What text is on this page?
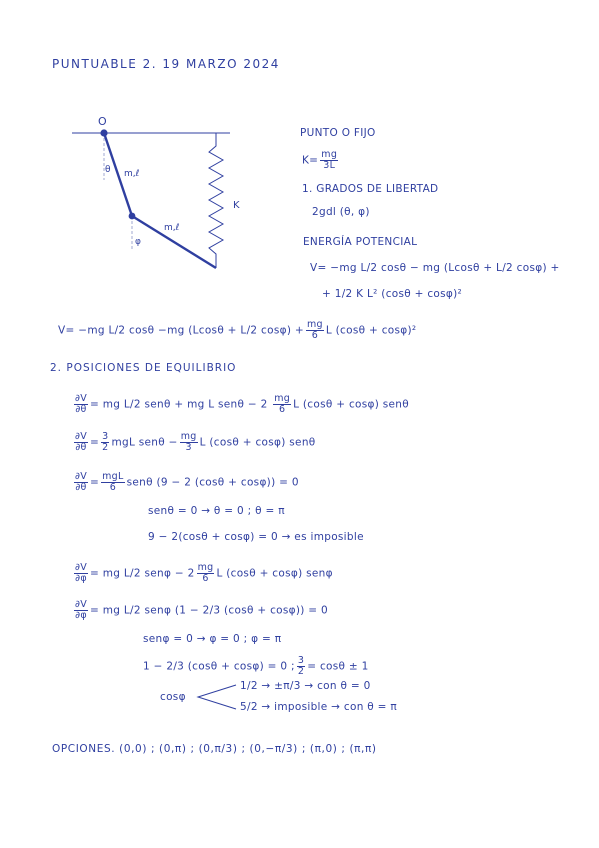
PUNTUABLE 2. 19 MARZO 2024
O
θ
φ
m,ℓ
m,ℓ
K
PUNTO O FIJO
$K= \frac{mg}{3L}$
1. GRADOS DE LIBERTAD
2gdl (θ, φ)
ENERGÍA POTENCIAL
V= −mg L/2 cosθ − mg (Lcosθ + L/2 cosφ) +
+ 1/2 K L² (cosθ + cosφ)²
V= −mg L/2 cosθ −mg (Lcosθ + L/2 $\cos\varphi) + \frac{mg}{6}$ L (cosθ + cosφ)²
2. POSICIONES DE EQUILIBRIO
$\frac{\partial V}{\partial\theta}$ = mg L/2 senθ + mg L $sen\theta - 2 \frac{mg}{6}$ L (cosθ + cosφ) senθ
$\frac{\partial V}{\partial\theta} = \frac{3}{2}$ mgL $sen\theta - \frac{mg}{3}$ L (cosθ + cosφ) senθ
$\frac{\partial V}{\partial\theta} = \frac{\text{mgL}}{6}$ senθ (9 − 2 (cosθ + cosφ)) = 0
senθ = 0 → θ = 0 ; θ = π
9 − 2(cosθ + cosφ) = 0 → es imposible
$\frac{\partial V}{\partial\varphi}$ = mg L/2 $sen\varphi - 2 \frac{mg}{6}$ L (cosθ + cosφ) senφ
$\frac{\partial V}{\partial\varphi}$ = mg L/2 senφ (1 − 2/3 (cosθ + cosφ)) = 0
senφ = 0 → φ = 0 ; φ = π
1 − 2/3 (cosθ + cosφ) = 0 ; $\frac{3}{2} = \cos\theta \pm 1$
cosφ
1/2 → ±π/3 → con θ = 0
5/2 → imposible → con θ = π
OPCIONES. (0,0) ; (0,π) ; (0,π/3) ; (0,−π/3) ; (π,0) ; (π,π)
